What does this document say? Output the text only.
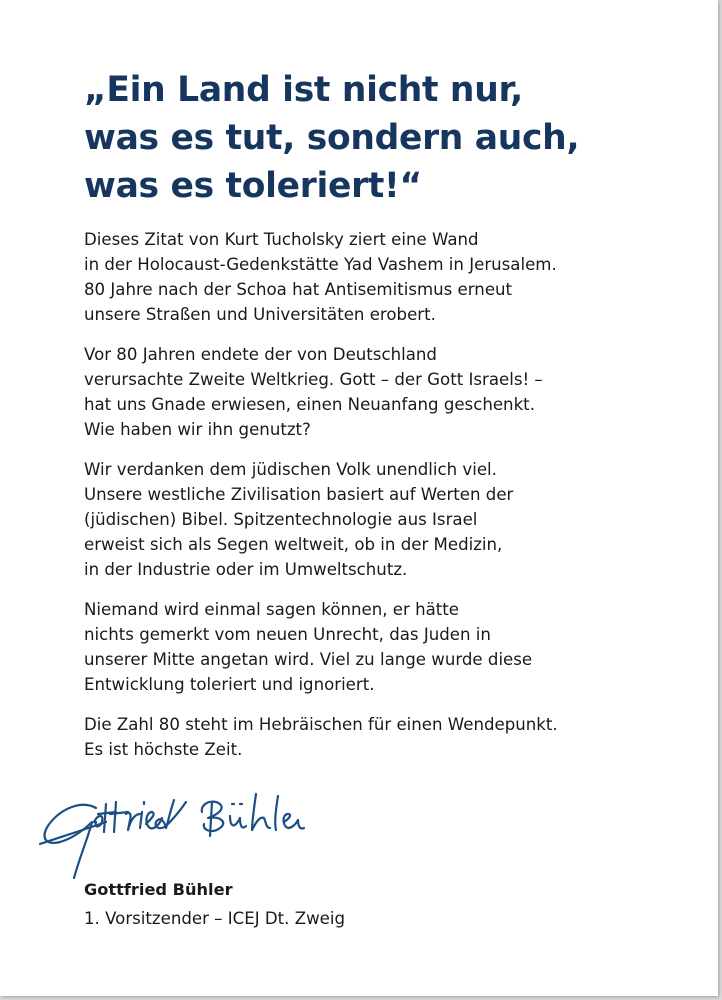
„Ein Land ist nicht nur,
was es tut, sondern auch,
was es toleriert!“

Dieses Zitat von Kurt Tucholsky ziert eine Wand
in der Holocaust-Gedenkstätte Yad Vashem in Jerusalem.
80 Jahre nach der Schoa hat Antisemitismus erneut
unsere Straßen und Universitäten erobert.

Vor 80 Jahren endete der von Deutschland
verursachte Zweite Weltkrieg. Gott – der Gott Israels! –
hat uns Gnade erwiesen, einen Neuanfang geschenkt.
Wie haben wir ihn genutzt?

Wir verdanken dem jüdischen Volk unendlich viel.
Unsere westliche Zivilisation basiert auf Werten der
(jüdischen) Bibel. Spitzentechnologie aus Israel
erweist sich als Segen weltweit, ob in der Medizin,
in der Industrie oder im Umweltschutz.

Niemand wird einmal sagen können, er hätte
nichts gemerkt vom neuen Unrecht, das Juden in
unserer Mitte angetan wird. Viel zu lange wurde diese
Entwicklung toleriert und ignoriert.

Die Zahl 80 steht im Hebräischen für einen Wendepunkt.
Es ist höchste Zeit.

Gottfried Bühler
1. Vorsitzender – ICEJ Dt. Zweig
